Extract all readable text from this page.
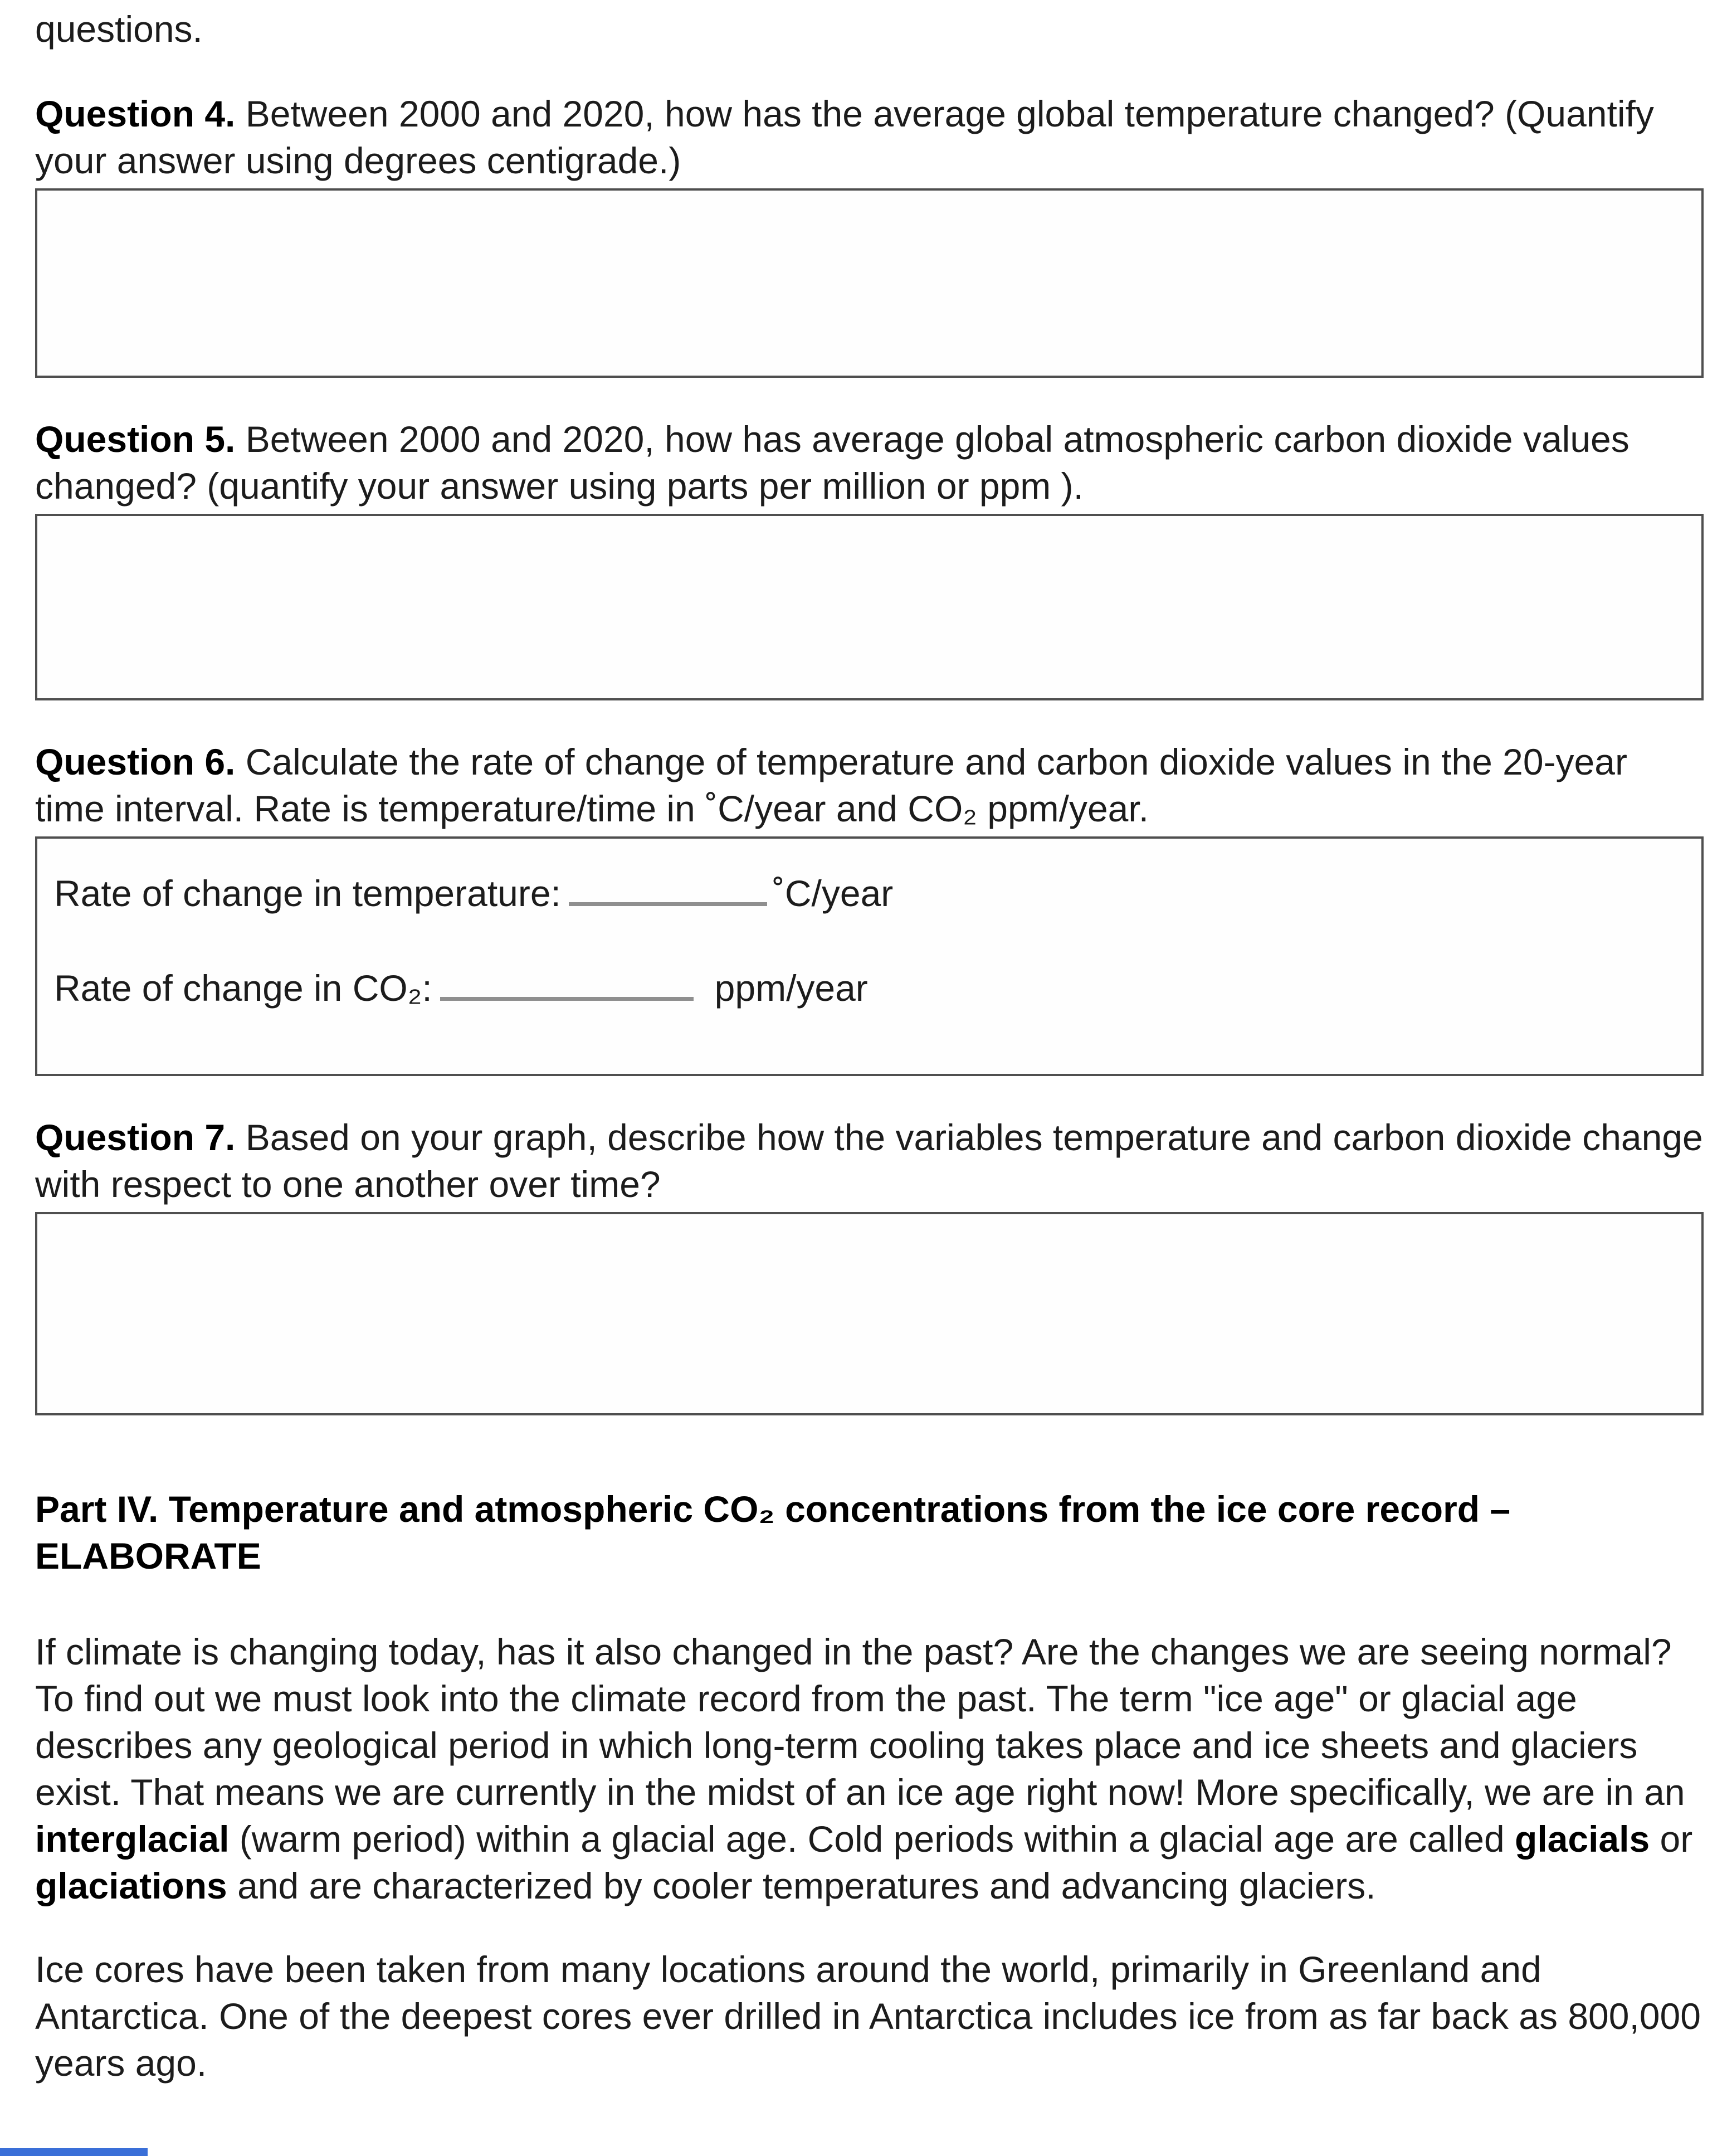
questions.

Question 4. Between 2000 and 2020, how has the average global temperature changed? (Quantify your answer using degrees centigrade.)
Question 5. Between 2000 and 2020, how has average global atmospheric carbon dioxide values changed? (quantify your answer using parts per million or ppm ).
Question 6. Calculate the rate of change of temperature and carbon dioxide values in the 20-year time interval. Rate is temperature/time in ˚C/year and CO₂ ppm/year.
Rate of change in temperature:	˚C/year
Rate of change in CO₂:	ppm/year
Question 7. Based on your graph, describe how the variables temperature and carbon dioxide change with respect to one another over time?
Part IV. Temperature and atmospheric CO₂ concentrations from the ice core record – ELABORATE

If climate is changing today, has it also changed in the past? Are the changes we are seeing normal? To find out we must look into the climate record from the past. The term "ice age" or glacial age describes any geological period in which long-term cooling takes place and ice sheets and glaciers exist. That means we are currently in the midst of an ice age right now! More specifically, we are in an interglacial (warm period) within a glacial age. Cold periods within a glacial age are called glacials or glaciations and are characterized by cooler temperatures and advancing glaciers.

Ice cores have been taken from many locations around the world, primarily in Greenland and Antarctica. One of the deepest cores ever drilled in Antarctica includes ice from as far back as 800,000 years ago.
